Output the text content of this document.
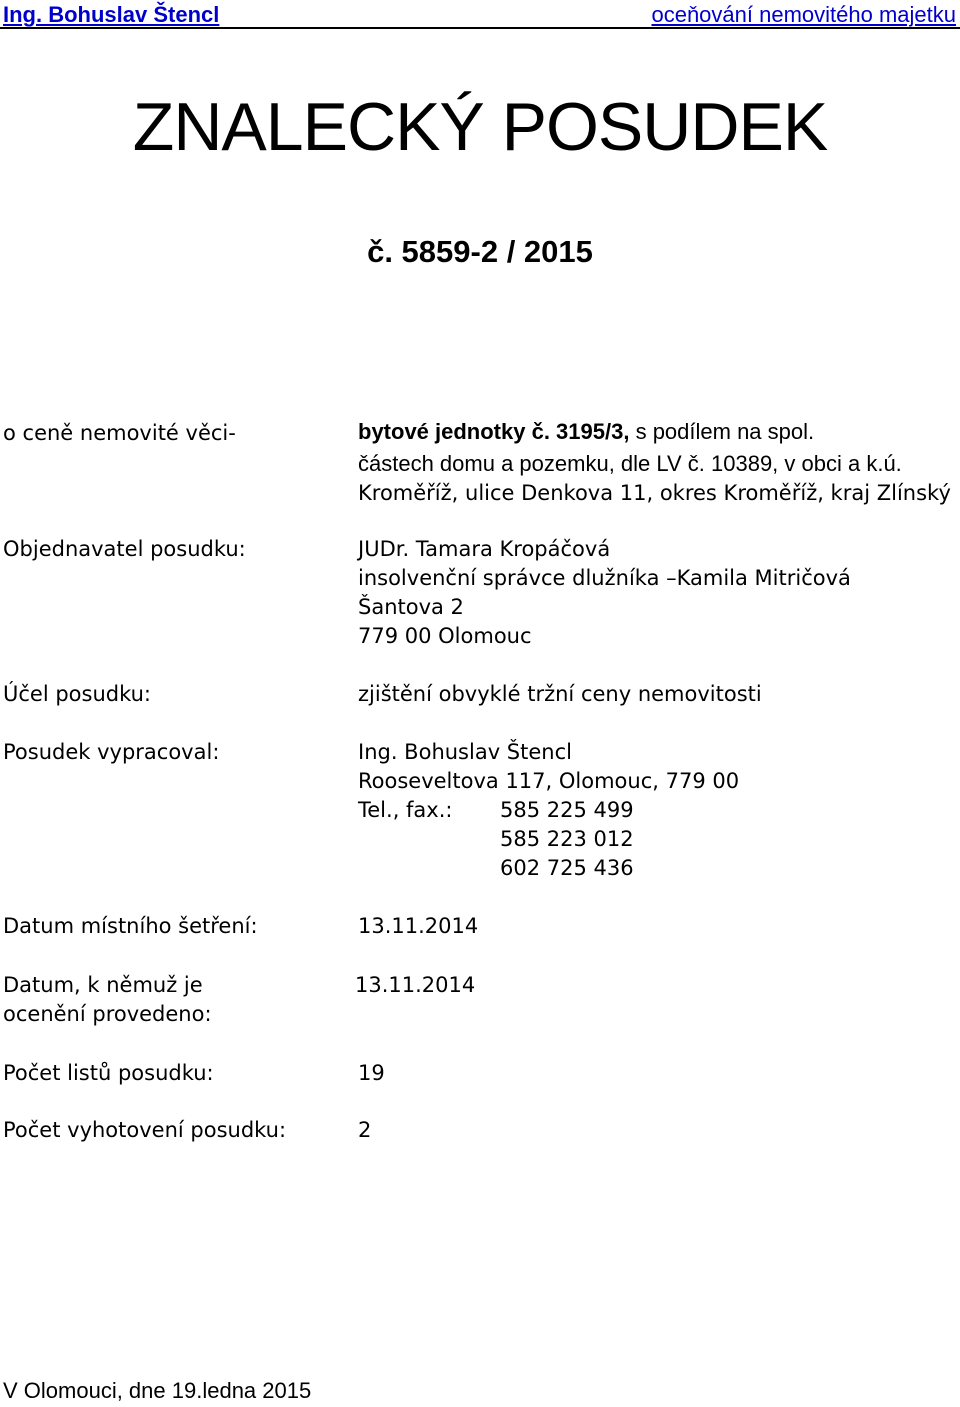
Ing. Bohuslav Štencl	oceňování nemovitého majetku
ZNALECKÝ POSUDEK
č. 5859-2 / 2015
o ceně nemovité věci-	bytové jednotky č. 3195/3, s podílem na spol.
částech domu a pozemku, dle LV č. 10389, v obci a k.ú.
Kroměříž, ulice Denkova 11, okres Kroměříž, kraj Zlínský
Objednavatel posudku:	JUDr. Tamara Kropáčová
insolvenční správce dlužníka –Kamila Mitričová
Šantova 2
779 00 Olomouc
Účel posudku:	zjištění obvyklé tržní ceny nemovitosti
Posudek vypracoval:	Ing. Bohuslav Štencl
Rooseveltova 117, Olomouc, 779 00
Tel., fax.: 585 225 499
585 223 012
602 725 436
Datum místního šetření:	13.11.2014
Datum, k němuž je
ocenění provedeno:
13.11.2014
Počet listů posudku:	19
Počet vyhotovení posudku:	2
V Olomouci, dne 19.ledna 2015
